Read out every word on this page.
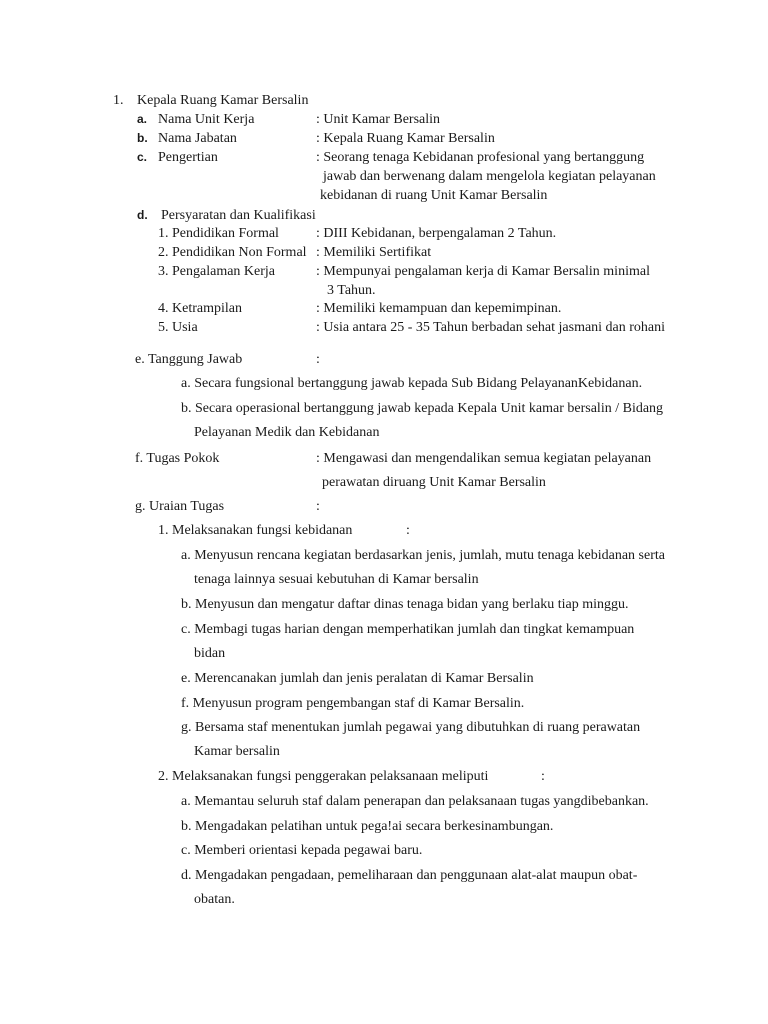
1. Kepala Ruang Kamar Bersalin
a. Nama Unit Kerja	: Unit Kamar Bersalin
b. Nama Jabatan	: Kepala Ruang Kamar Bersalin
c. Pengertian	: Seorang tenaga Kebidanan profesional yang bertanggung
jawab dan berwenang dalam mengelola kegiatan pelayanan
kebidanan di ruang Unit Kamar Bersalin
d. Persyaratan dan Kualifikasi
1. Pendidikan Formal	: DIII Kebidanan, berpengalaman 2 Tahun.
2. Pendidikan Non Formal : Memiliki Sertifikat
3. Pengalaman Kerja	: Mempunyai pengalaman kerja di Kamar Bersalin minimal
3 Tahun.
4. Ketrampilan	: Memiliki kemampuan dan kepemimpinan.
5. Usia	: Usia antara 25 - 35 Tahun berbadan sehat jasmani dan rohani
e. Tanggung Jawab	:
a. Secara fungsional bertanggung jawab kepada Sub Bidang PelayananKebidanan.
b. Secara operasional bertanggung jawab kepada Kepala Unit kamar bersalin / Bidang
Pelayanan Medik dan Kebidanan
f. Tugas Pokok	: Mengawasi dan mengendalikan semua kegiatan pelayanan
perawatan diruang Unit Kamar Bersalin
g. Uraian Tugas	:
1. Melaksanakan fungsi kebidanan	:
a. Menyusun rencana kegiatan berdasarkan jenis, jumlah, mutu tenaga kebidanan serta
tenaga lainnya sesuai kebutuhan di Kamar bersalin
b. Menyusun dan mengatur daftar dinas tenaga bidan yang berlaku tiap minggu.
c. Membagi tugas harian dengan memperhatikan jumlah dan tingkat kemampuan
bidan
e. Merencanakan jumlah dan jenis peralatan di Kamar Bersalin
f. Menyusun program pengembangan staf di Kamar Bersalin.
g. Bersama staf menentukan jumlah pegawai yang dibutuhkan di ruang perawatan
Kamar bersalin
2. Melaksanakan fungsi penggerakan pelaksanaan meliputi	:
a. Memantau seluruh staf dalam penerapan dan pelaksanaan tugas yangdibebankan.
b. Mengadakan pelatihan untuk pega!ai secara berkesinambungan.
c. Memberi orientasi kepada pegawai baru.
d. Mengadakan pengadaan, pemeliharaan dan penggunaan alat-alat maupun obat-
obatan.
